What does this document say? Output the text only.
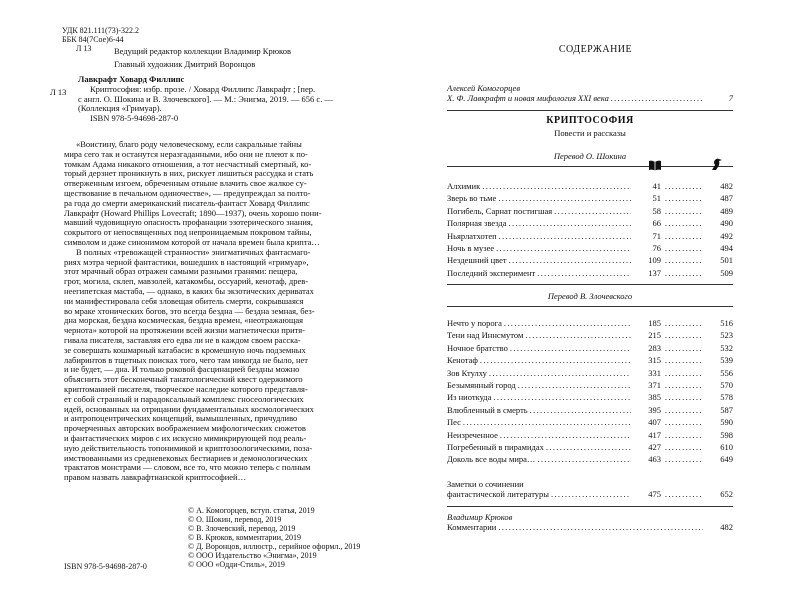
УДК 821.111(73)-322.2
ББК 84(7Сое)6-44
Л 13	Ведущий редактор коллекции Владимир Крюков
Главный художник Дмитрий Воронцов
Л 13
Лавкрафт Ховард Филлипс
Криптософия: избр. прозе. / Ховард Филлипс Лавкрафт ; [пер.
с англ. О. Шокина и В. Злочевского]. — М.: Энигма, 2019. — 656 с. —
(Коллекция «Гримуар).
ISBN 978-5-94698-287-0
«Воистину, благо роду человеческому, если сакральные тайны
мира сего так и останутся неразгаданными, ибо они не плеют к по-
томкам Адама никакого отношения, а тот несчастный смертный, ко-
торый дерзнет проникнуть в них, рискует лишиться рассудка и стать
отверженным изгоем, обреченным отныне влачить свое жалкое су-
ществование в печальном одиночестве», — предупреждал за полто-
ра года до смерти американский писатель-фантаст Ховард Филлипс
Лавкрафт (Howard Phillips Lovecraft; 1890—1937), очень хорошо пони-
мавший чудовищную опасность профанации эзотерического знания,
сокрытого от непосвященных под непроницаемым покровом тайны,
символом и даже синонимом которой от начала времен была крипта…
В полных «тревожащей странности» энигматичных фантасмаго-
риях мэтра черной фантастики, вошедших в настоящий «гримуар»,
этот мрачный образ отражен самыми разными гранями: пещера,
грот, могила, склеп, мавзолей, катакомбы, оссуарий, кенотаф, древ-
неегипетская мастаба, — однако, в каких бы экзотических дериватах
ни манифестировала себя зловещая обитель смерти, сокрывшаяся
во мраке хтонических богов, это всегда бездна — бездна земная, без-
дна морская, бездна космическая, бездна времен, «неотражающая
чернота» которой на протяжении всей жизни магнетически притя-
гивала писателя, заставляя его едва ли не в каждом своем расска-
зе совершать кошмарный катабасис в кромешную ночь подземных
лабиринтов в тщетных поисках того, чего там никогда не было, нет
и не будет, — дна. И только роковой фасцинацией бездны можно
объяснить этот бесконечный танатологический квест одержимого
криптоманией писателя, творческое наследие которого представля-
ет собой странный и парадоксальный комплекс гносеологических
идей, основанных на отрицании фундаментальных космологических
и антропоцентрических концепций, вымышленных, причудливо
прочерченных авторских воображением мифологических сюжетов
и фантастических миров с их искусно мимикрирующей под реаль-
ную действительность топонимикой и криптозоологическими, поза-
имствованными из средневековых бестиариев и демонологических
трактатов монстрами — словом, все то, что можно теперь с полным
правом назвать лавкрафтианской криптософией…
© А. Комогорцев, вступ. статья, 2019
© О. Шокин, перевод, 2019
© В. Злочевский, перевод, 2019
© В. Крюков, комментарии, 2019
© Д. Воронцов, иллюстр., серийное оформл., 2019
© ООО Издательство «Энигма», 2019
© ООО «Одди-Стиль», 2019
ISBN 978-5-94698-287-0
СОДЕРЖАНИЕ
Алексей Комогорцев
Х. Ф. Лавкрафт и новая мифология XXI века . . .	7
КРИПТОСОФИЯ
Повести и рассказы
Перевод О. Шокина
Алхимик . . .	41 . . .	482
Зверь во тьме . . .	51 . . .	487
Погибель, Сарнат постигшая . . .	58 . . .	489
Полярная звезда . . .	66 . . .	490
Ньярлатхотеп . . .	71 . . .	492
Ночь в музее . . .	76 . . .	494
Нездешний цвет . . .	109 . . .	501
Последний эксперимент . . .	137 . . .	509
Перевод В. Злочевского
Нечто у порога . . .	185 . . .	516
Тени над Иннсмутом . . .	215 . . .	523
Ночное братство . . .	283 . . .	532
Кенотаф . . .	315 . . .	539
Зов Ктулху . . .	331 . . .	556
Безымянный город . . .	371 . . .	570
Из ниоткуда . . .	385 . . .	578
Влюбленный в смерть . . .	395 . . .	587
Пес . . .	407 . . .	590
Неизреченное . . .	417 . . .	598
Погребенный в пирамидах . . .	427 . . .	610
Доколь все воды мира… . . .	463 . . .	649
Заметки о сочинении
фантастической литературы . . .	475 . . .	652
Владимир Крюков
Комментарии . . .	482
